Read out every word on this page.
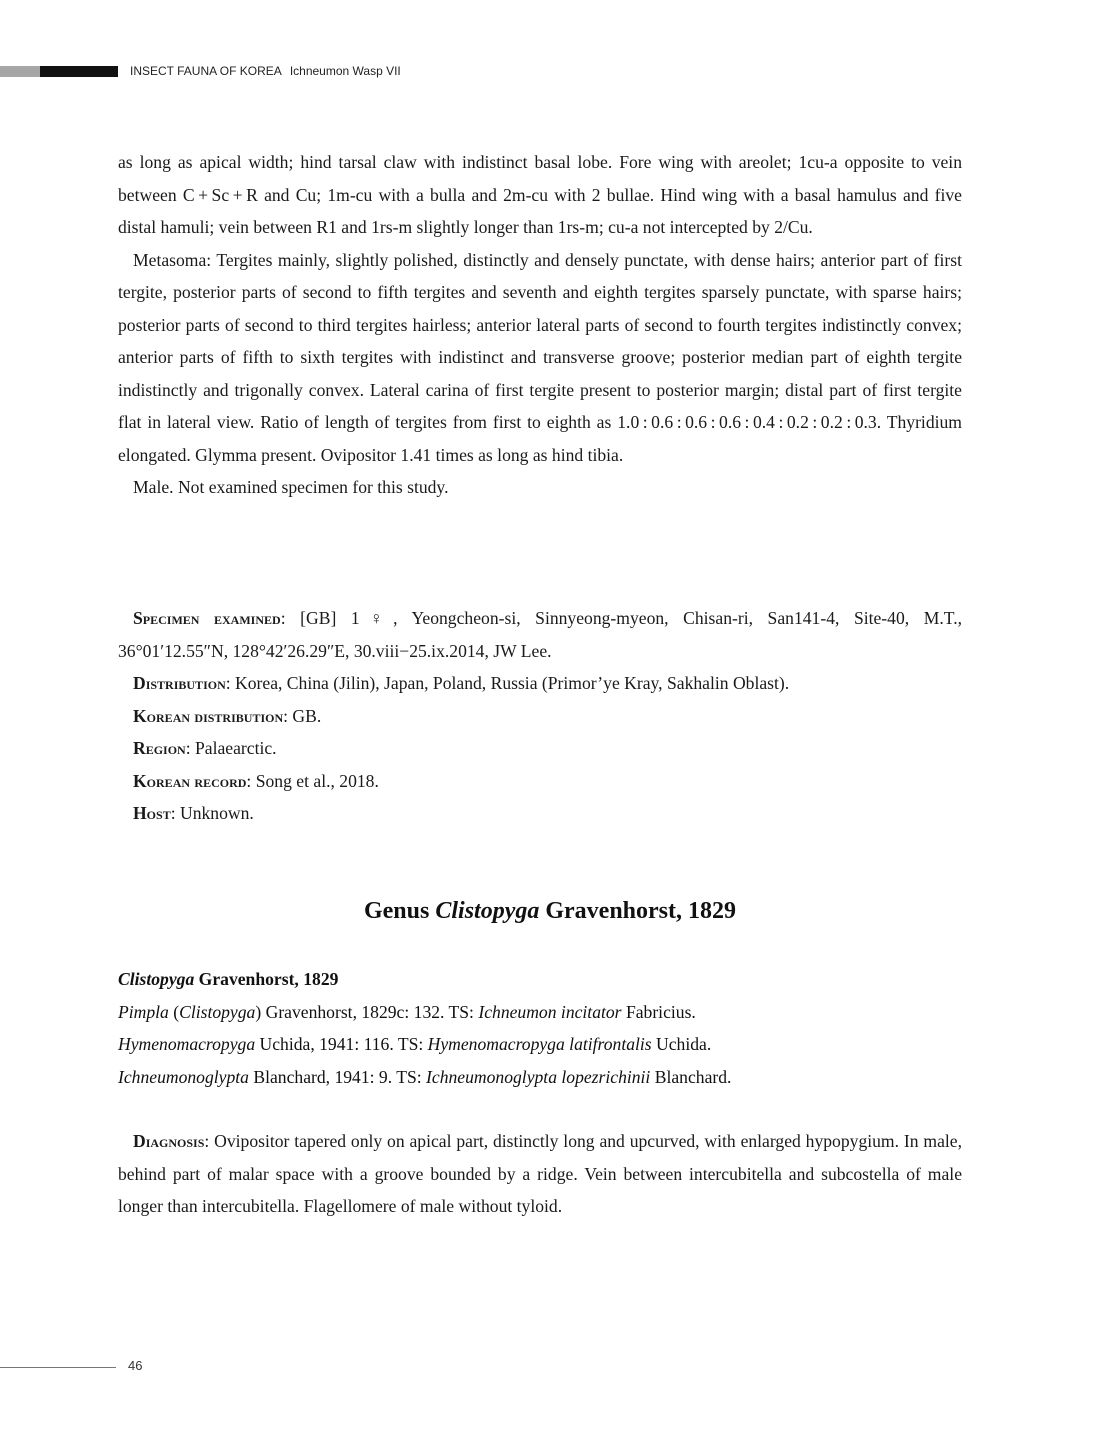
INSECT FAUNA OF KOREA Ichneumon Wasp VII

as long as apical width; hind tarsal claw with indistinct basal lobe. Fore wing with areolet; 1cu-a opposite to vein between C + Sc + R and Cu; 1m-cu with a bulla and 2m-cu with 2 bullae. Hind wing with a basal hamulus and five distal hamuli; vein between R1 and 1rs-m slightly longer than 1rs-m; cu-a not intercepted by 2/Cu.

Metasoma: Tergites mainly, slightly polished, distinctly and densely punctate, with dense hairs; anterior part of first tergite, posterior parts of second to fifth tergites and seventh and eighth tergites sparsely punctate, with sparse hairs; posterior parts of second to third tergites hairless; anterior lateral parts of second to fourth tergites indistinctly convex; anterior parts of fifth to sixth tergites with indistinct and transverse groove; posterior median part of eighth tergite indistinctly and trigonally convex. Lateral carina of first tergite present to posterior margin; distal part of first tergite flat in lateral view. Ratio of length of tergites from first to eighth as 1.0 : 0.6 : 0.6 : 0.6 : 0.4 : 0.2 : 0.2 : 0.3. Thyridium elongated. Glymma present. Ovipositor 1.41 times as long as hind tibia.

Male. Not examined specimen for this study.

Specimen examined: [GB] 1♀, Yeongcheon-si, Sinnyeong-myeon, Chisan-ri, San141-4, Site-40, M.T., 36°01′12.55″N, 128°42′26.29″E, 30.viii−25.ix.2014, JW Lee.

Distribution: Korea, China (Jilin), Japan, Poland, Russia (Primor’ye Kray, Sakhalin Oblast).

Korean distribution: GB.

Region: Palaearctic.

Korean record: Song et al., 2018.

Host: Unknown.

Genus Clistopyga Gravenhorst, 1829

Clistopyga Gravenhorst, 1829

Pimpla (Clistopyga) Gravenhorst, 1829c: 132. TS: Ichneumon incitator Fabricius.

Hymenomacropyga Uchida, 1941: 116. TS: Hymenomacropyga latifrontalis Uchida.

Ichneumonoglypta Blanchard, 1941: 9. TS: Ichneumonoglypta lopezrichinii Blanchard.

Diagnosis: Ovipositor tapered only on apical part, distinctly long and upcurved, with enlarged hypopygium. In male, behind part of malar space with a groove bounded by a ridge. Vein between intercubitella and subcostella of male longer than intercubitella. Flagellomere of male without tyloid.

46
